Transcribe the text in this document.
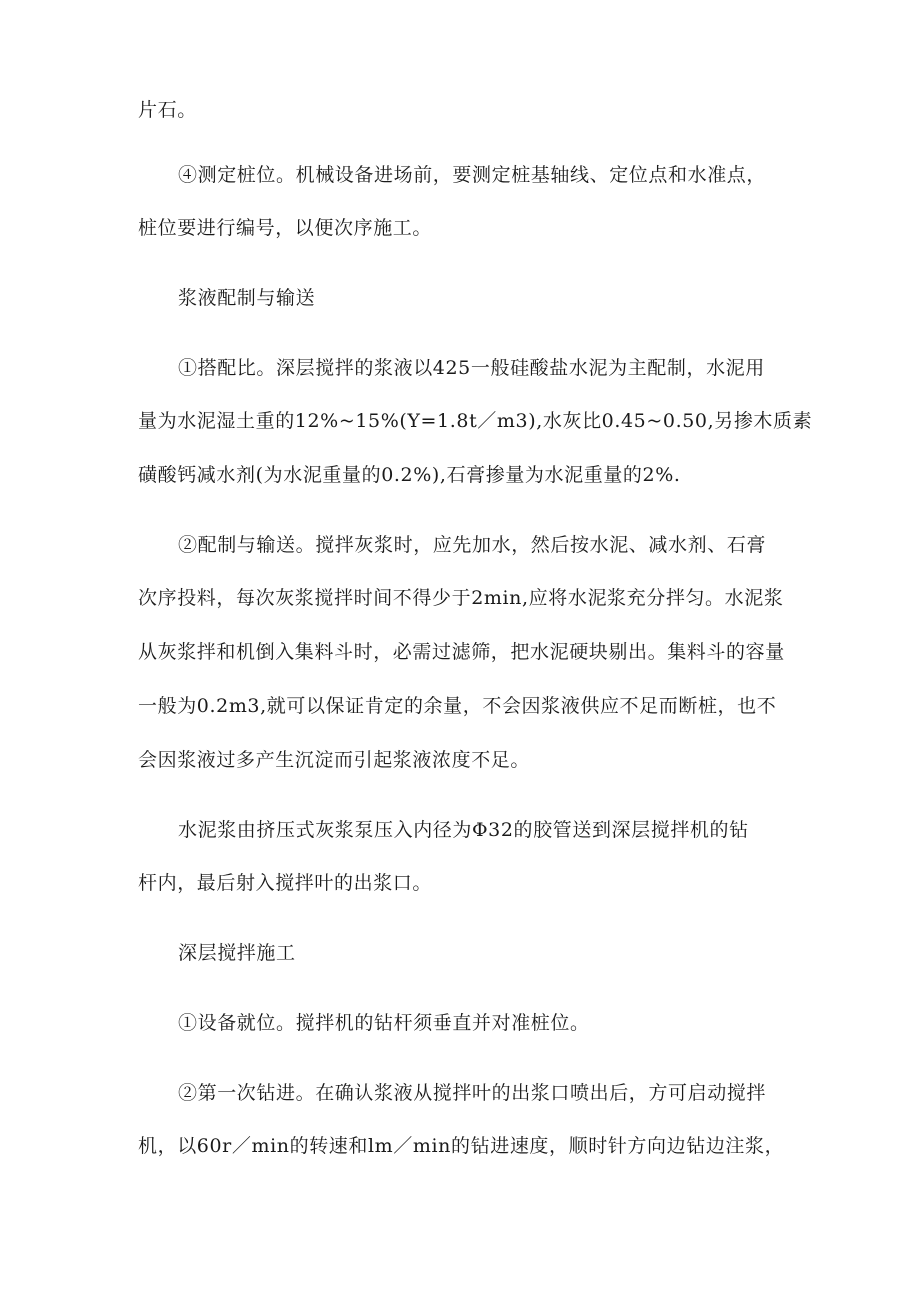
片石。
④测定桩位。机械设备进场前，要测定桩基轴线、定位点和水准点，
桩位要进行编号，以便次序施工。
浆液配制与输送
①搭配比。深层搅拌的浆液以425一般硅酸盐水泥为主配制，水泥用
量为水泥湿土重的12%~15%(Y=1.8t／m3),水灰比0.45~0.50,另掺木质素
磺酸钙减水剂(为水泥重量的0.2%),石膏掺量为水泥重量的2%.
②配制与输送。搅拌灰浆时，应先加水，然后按水泥、减水剂、石膏
次序投料，每次灰浆搅拌时间不得少于2min,应将水泥浆充分拌匀。水泥浆
从灰浆拌和机倒入集料斗时，必需过滤筛，把水泥硬块剔出。集料斗的容量
一般为0.2m3,就可以保证肯定的余量，不会因浆液供应不足而断桩，也不
会因浆液过多产生沉淀而引起浆液浓度不足。
水泥浆由挤压式灰浆泵压入内径为Φ32的胶管送到深层搅拌机的钻
杆内，最后射入搅拌叶的出浆口。
深层搅拌施工
①设备就位。搅拌机的钻杆须垂直并对准桩位。
②第一次钻进。在确认浆液从搅拌叶的出浆口喷出后，方可启动搅拌
机，以60r／min的转速和lm／min的钻进速度，顺时针方向边钻边注浆，
